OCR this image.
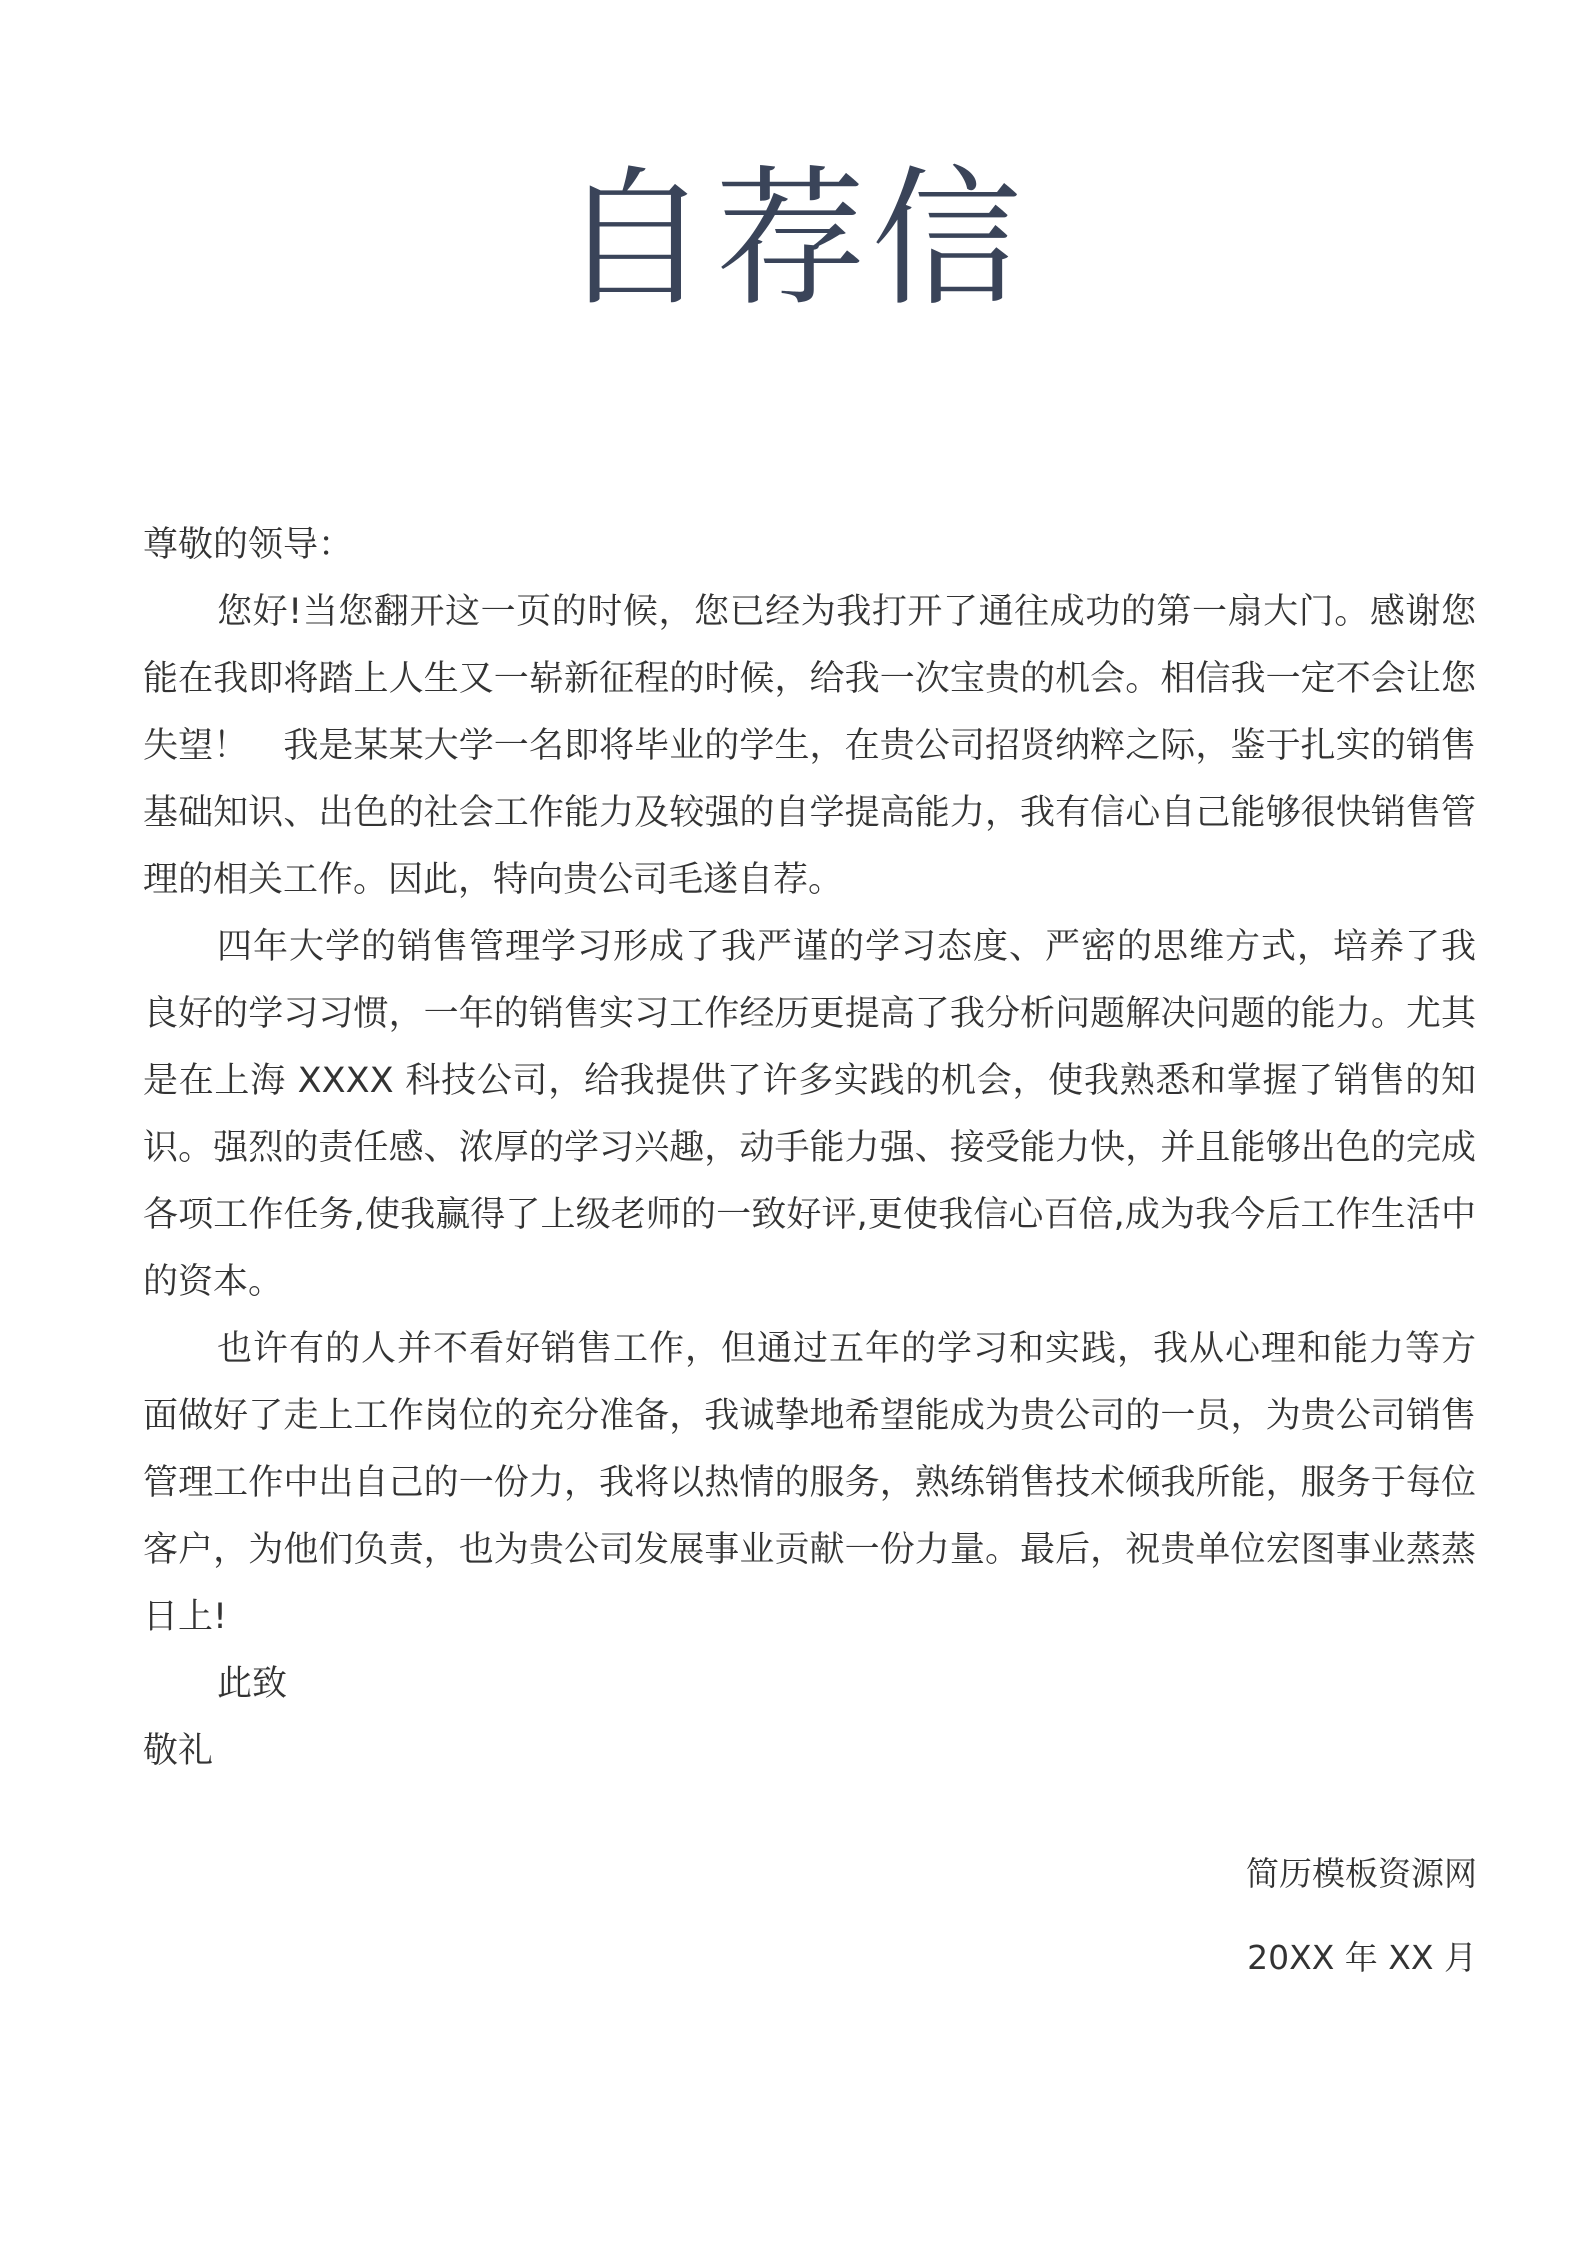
自荐信

尊敬的领导：

您好!当您翻开这一页的时候，您已经为我打开了通往成功的第一扇大门。感谢您能在我即将踏上人生又一崭新征程的时候，给我一次宝贵的机会。相信我一定不会让您失望！　我是某某大学一名即将毕业的学生，在贵公司招贤纳粹之际，鉴于扎实的销售基础知识、出色的社会工作能力及较强的自学提高能力，我有信心自己能够很快销售管理的相关工作。因此，特向贵公司毛遂自荐。

四年大学的销售管理学习形成了我严谨的学习态度、严密的思维方式，培养了我良好的学习习惯，一年的销售实习工作经历更提高了我分析问题解决问题的能力。尤其是在上海 XXXX 科技公司，给我提供了许多实践的机会，使我熟悉和掌握了销售的知识。强烈的责任感、浓厚的学习兴趣，动手能力强、接受能力快，并且能够出色的完成各项工作任务,使我赢得了上级老师的一致好评,更使我信心百倍,成为我今后工作生活中的资本。

也许有的人并不看好销售工作，但通过五年的学习和实践，我从心理和能力等方面做好了走上工作岗位的充分准备，我诚挚地希望能成为贵公司的一员，为贵公司销售管理工作中出自己的一份力，我将以热情的服务，熟练销售技术倾我所能，服务于每位客户，为他们负责，也为贵公司发展事业贡献一份力量。最后，祝贵单位宏图事业蒸蒸日上!

此致

敬礼

简历模板资源网
20XX 年 XX 月
